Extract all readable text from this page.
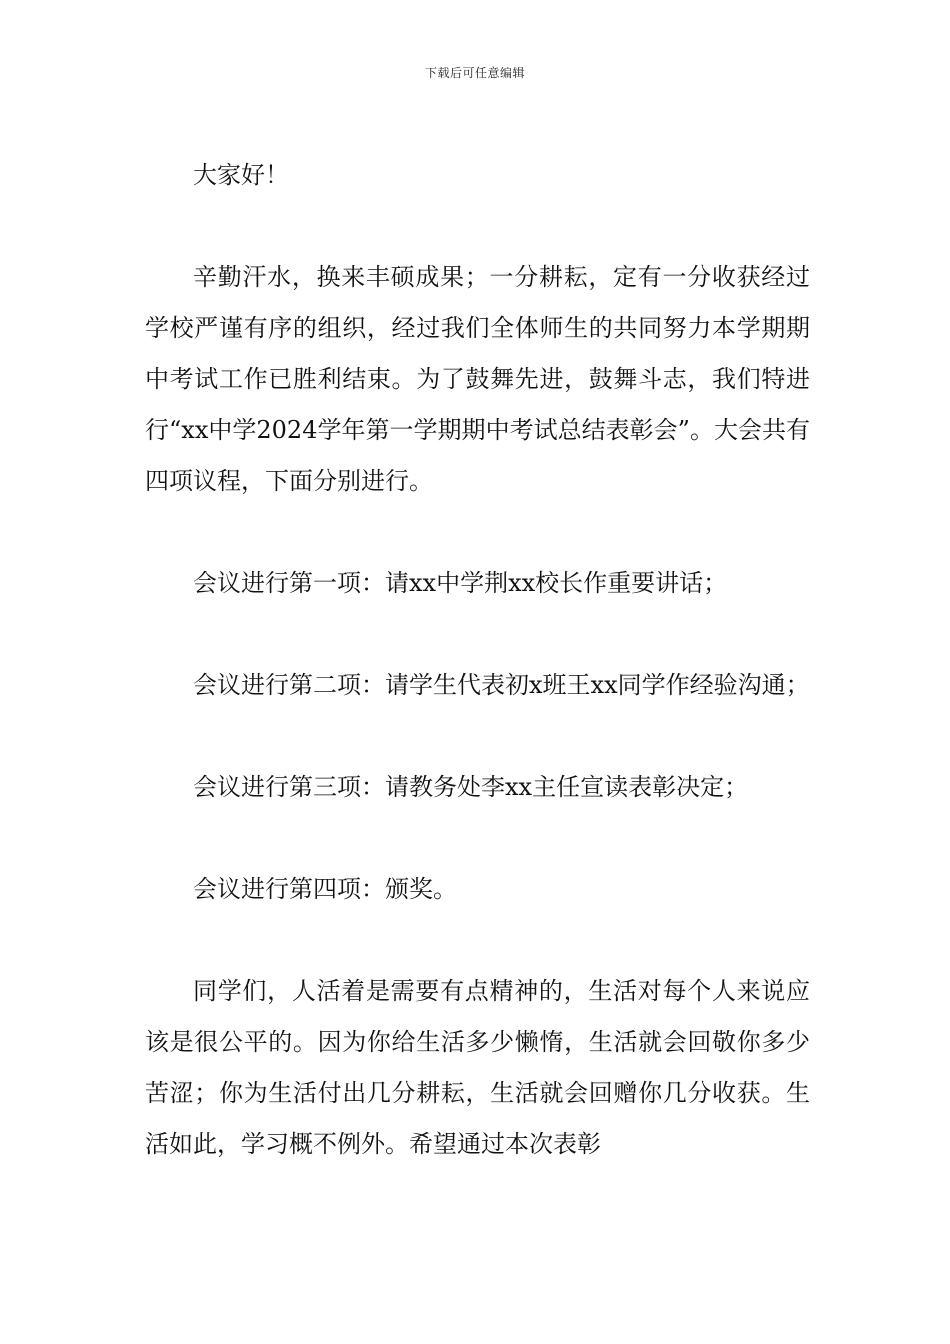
下载后可任意编辑

大家好！

辛勤汗水，换来丰硕成果；一分耕耘，定有一分收获经过学校严谨有序的组织，经过我们全体师生的共同努力本学期期中考试工作已胜利结束。为了鼓舞先进，鼓舞斗志，我们特进行“xx中学2024学年第一学期期中考试总结表彰会”。大会共有四项议程，下面分别进行。

会议进行第一项：请xx中学荆xx校长作重要讲话；

会议进行第二项：请学生代表初x班王xx同学作经验沟通；

会议进行第三项：请教务处李xx主任宣读表彰决定；

会议进行第四项：颁奖。

同学们，人活着是需要有点精神的，生活对每个人来说应该是很公平的。因为你给生活多少懒惰，生活就会回敬你多少苦涩；你为生活付出几分耕耘，生活就会回赠你几分收获。生活如此，学习概不例外。希望通过本次表彰
